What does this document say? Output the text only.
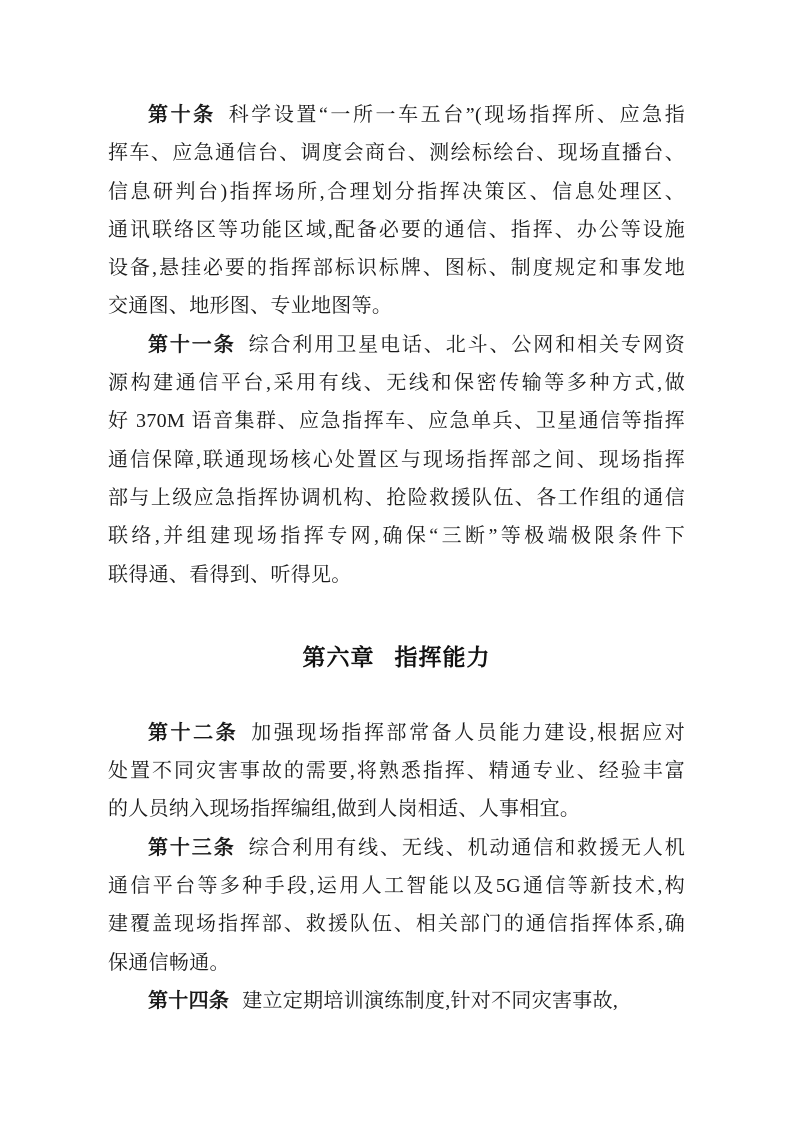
第十条 科学设置“一所一车五台”(现场指挥所、应急指
挥车、应急通信台、调度会商台、测绘标绘台、现场直播台、
信息研判台)指挥场所,合理划分指挥决策区、信息处理区、
通讯联络区等功能区域,配备必要的通信、指挥、办公等设施
设备,悬挂必要的指挥部标识标牌、图标、制度规定和事发地
交通图、地形图、专业地图等。
第十一条 综合利用卫星电话、北斗、公网和相关专网资
源构建通信平台,采用有线、无线和保密传输等多种方式,做
好 370M 语音集群、应急指挥车、应急单兵、卫星通信等指挥
通信保障,联通现场核心处置区与现场指挥部之间、现场指挥
部与上级应急指挥协调机构、抢险救援队伍、各工作组的通信
联络,并组建现场指挥专网,确保“三断”等极端极限条件下
联得通、看得到、听得见。
第六章 指挥能力
第十二条 加强现场指挥部常备人员能力建设,根据应对
处置不同灾害事故的需要,将熟悉指挥、精通专业、经验丰富
的人员纳入现场指挥编组,做到人岗相适、人事相宜。
第十三条 综合利用有线、无线、机动通信和救援无人机
通信平台等多种手段,运用人工智能以及5G通信等新技术,构
建覆盖现场指挥部、救援队伍、相关部门的通信指挥体系,确
保通信畅通。
第十四条 建立定期培训演练制度,针对不同灾害事故,
